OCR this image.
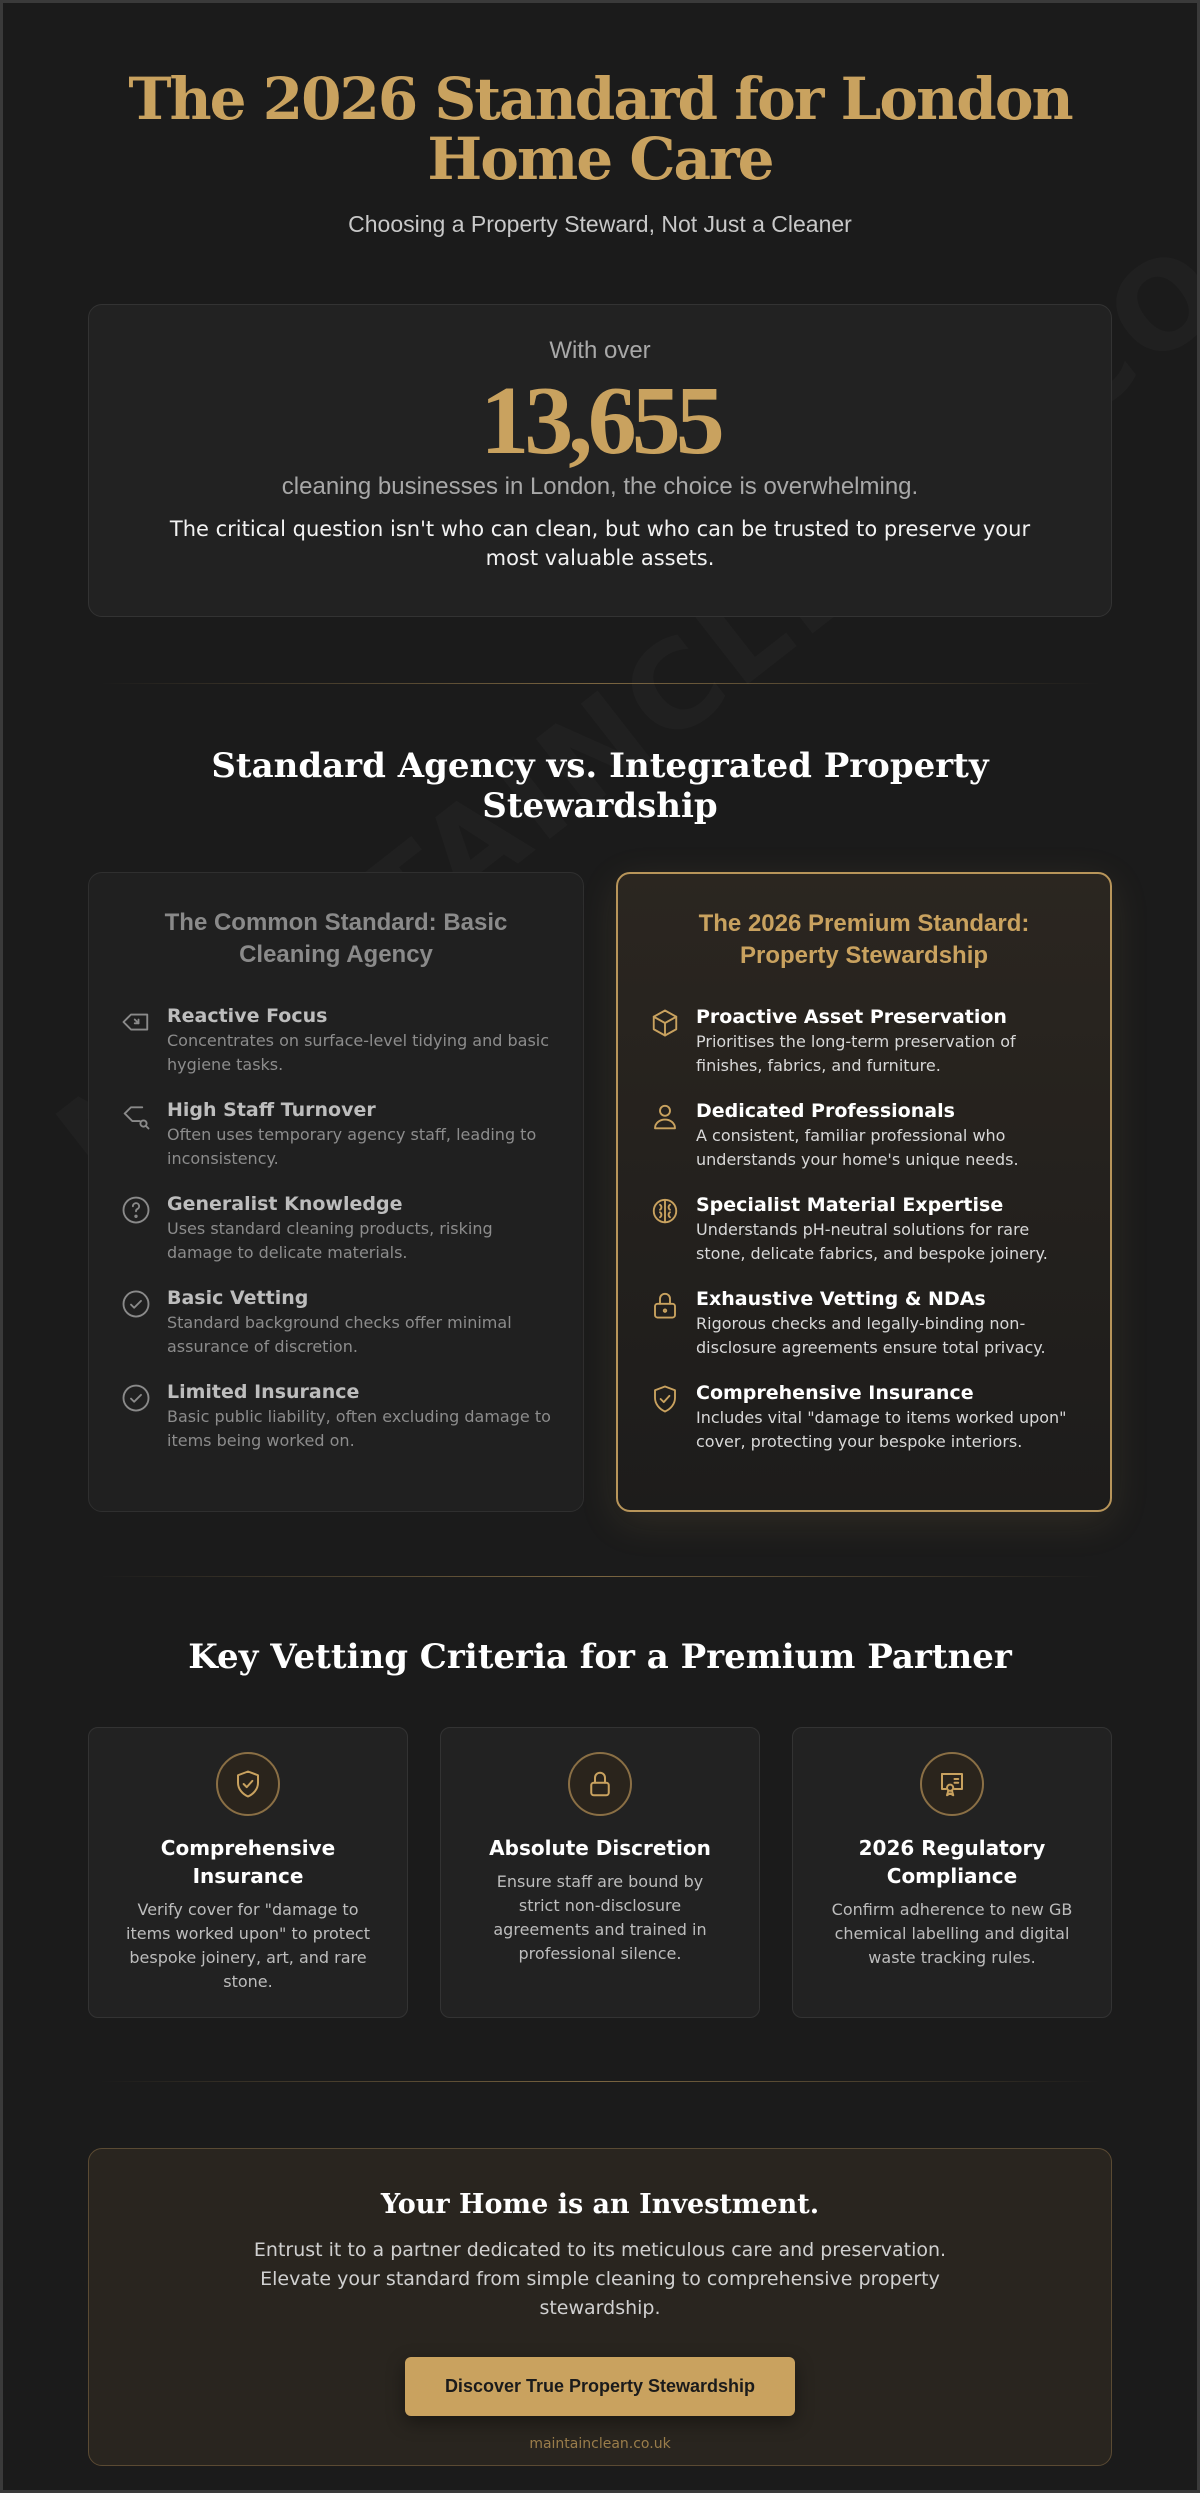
The 2026 Standard for London Home Care
Choosing a Property Steward, Not Just a Cleaner
With over
13,655
cleaning businesses in London, the choice is overwhelming.
The critical question isn't who can clean, but who can be trusted to preserve your most valuable assets.
Standard Agency vs. Integrated Property Stewardship
The Common Standard: Basic Cleaning Agency
Reactive Focus
Concentrates on surface-level tidying and basic hygiene tasks.
High Staff Turnover
Often uses temporary agency staff, leading to inconsistency.
Generalist Knowledge
Uses standard cleaning products, risking damage to delicate materials.
Basic Vetting
Standard background checks offer minimal assurance of discretion.
Limited Insurance
Basic public liability, often excluding damage to items being worked on.
The 2026 Premium Standard: Property Stewardship
Proactive Asset Preservation
Prioritises the long-term preservation of finishes, fabrics, and furniture.
Dedicated Professionals
A consistent, familiar professional who understands your home's unique needs.
Specialist Material Expertise
Understands pH-neutral solutions for rare stone, delicate fabrics, and bespoke joinery.
Exhaustive Vetting & NDAs
Rigorous checks and legally-binding non-disclosure agreements ensure total privacy.
Comprehensive Insurance
Includes vital "damage to items worked upon" cover, protecting your bespoke interiors.
Key Vetting Criteria for a Premium Partner
Comprehensive Insurance
Verify cover for "damage to items worked upon" to protect bespoke joinery, art, and rare stone.
Absolute Discretion
Ensure staff are bound by strict non-disclosure agreements and trained in professional silence.
2026 Regulatory Compliance
Confirm adherence to new GB chemical labelling and digital waste tracking rules.
Your Home is an Investment.
Entrust it to a partner dedicated to its meticulous care and preservation. Elevate your standard from simple cleaning to comprehensive property stewardship.
Discover True Property Stewardship
maintainclean.co.uk
